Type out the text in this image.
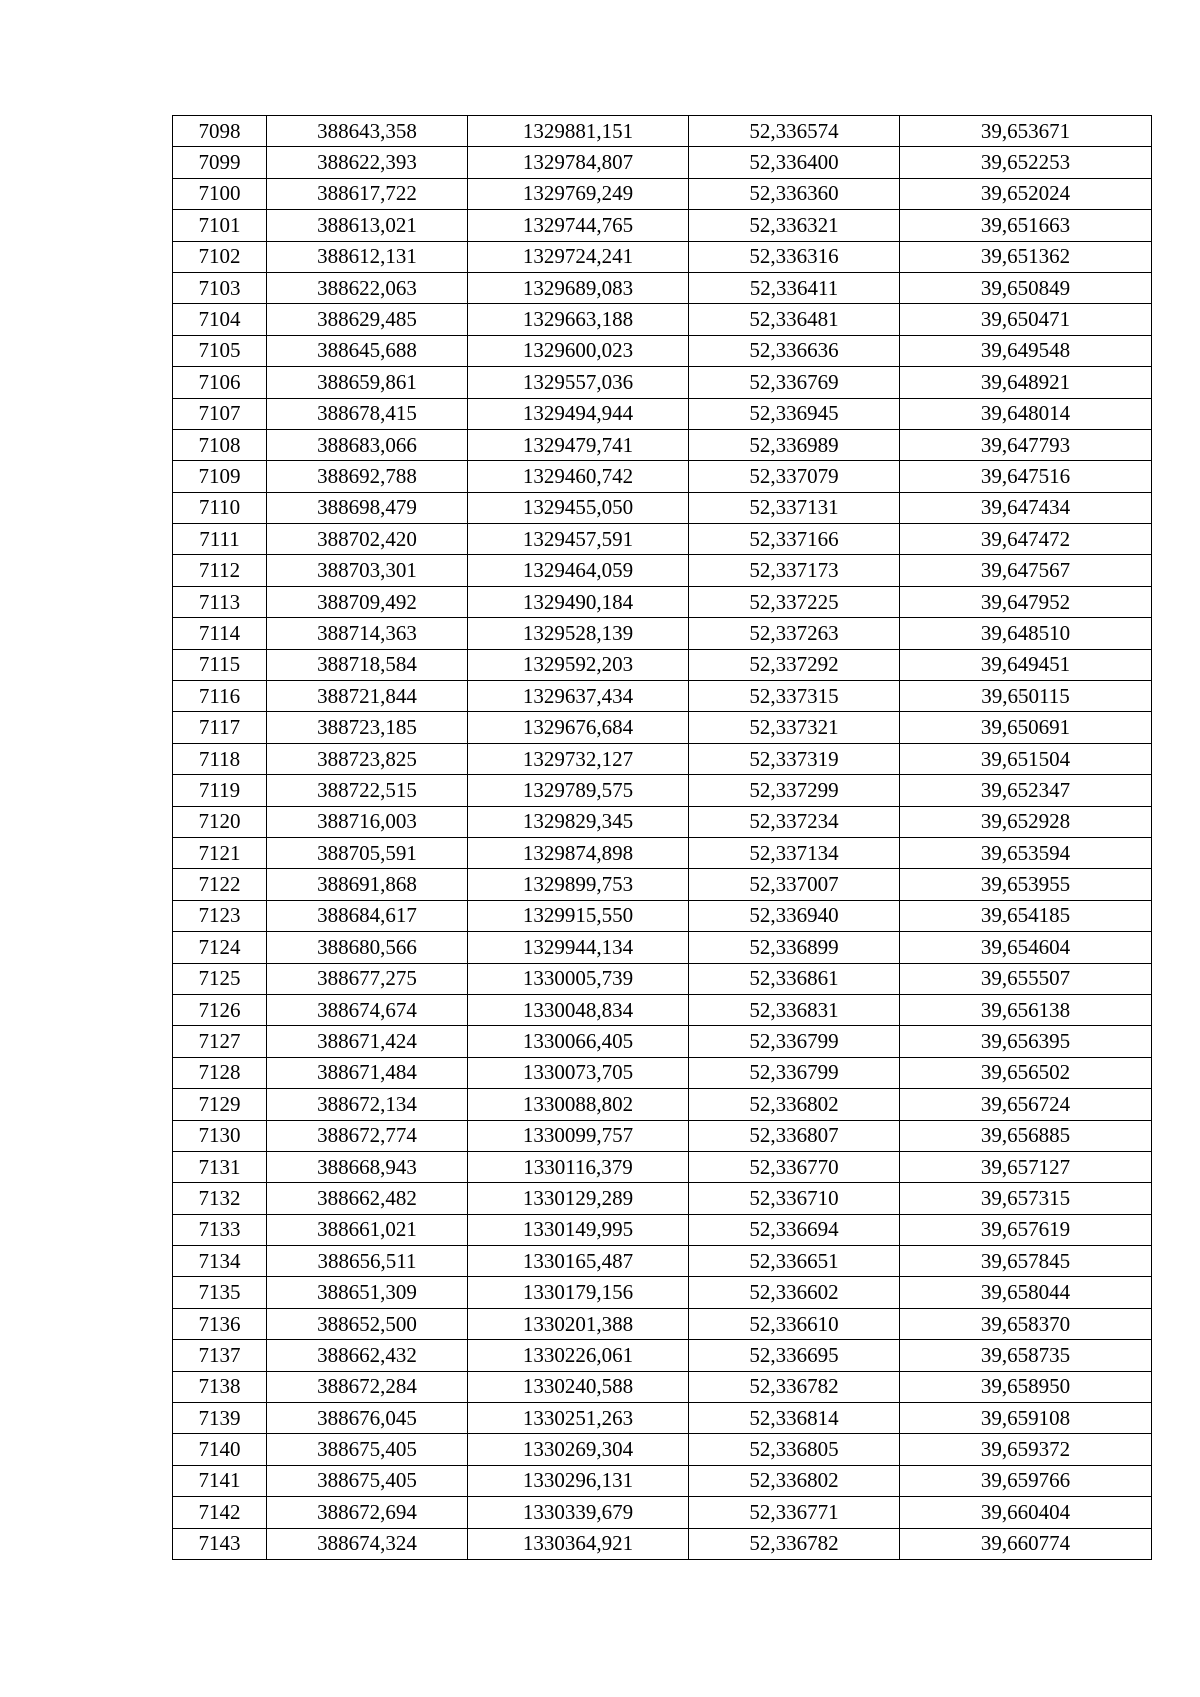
7098	388643,358	1329881,151	52,336574	39,653671
7099	388622,393	1329784,807	52,336400	39,652253
7100	388617,722	1329769,249	52,336360	39,652024
7101	388613,021	1329744,765	52,336321	39,651663
7102	388612,131	1329724,241	52,336316	39,651362
7103	388622,063	1329689,083	52,336411	39,650849
7104	388629,485	1329663,188	52,336481	39,650471
7105	388645,688	1329600,023	52,336636	39,649548
7106	388659,861	1329557,036	52,336769	39,648921
7107	388678,415	1329494,944	52,336945	39,648014
7108	388683,066	1329479,741	52,336989	39,647793
7109	388692,788	1329460,742	52,337079	39,647516
7110	388698,479	1329455,050	52,337131	39,647434
7111	388702,420	1329457,591	52,337166	39,647472
7112	388703,301	1329464,059	52,337173	39,647567
7113	388709,492	1329490,184	52,337225	39,647952
7114	388714,363	1329528,139	52,337263	39,648510
7115	388718,584	1329592,203	52,337292	39,649451
7116	388721,844	1329637,434	52,337315	39,650115
7117	388723,185	1329676,684	52,337321	39,650691
7118	388723,825	1329732,127	52,337319	39,651504
7119	388722,515	1329789,575	52,337299	39,652347
7120	388716,003	1329829,345	52,337234	39,652928
7121	388705,591	1329874,898	52,337134	39,653594
7122	388691,868	1329899,753	52,337007	39,653955
7123	388684,617	1329915,550	52,336940	39,654185
7124	388680,566	1329944,134	52,336899	39,654604
7125	388677,275	1330005,739	52,336861	39,655507
7126	388674,674	1330048,834	52,336831	39,656138
7127	388671,424	1330066,405	52,336799	39,656395
7128	388671,484	1330073,705	52,336799	39,656502
7129	388672,134	1330088,802	52,336802	39,656724
7130	388672,774	1330099,757	52,336807	39,656885
7131	388668,943	1330116,379	52,336770	39,657127
7132	388662,482	1330129,289	52,336710	39,657315
7133	388661,021	1330149,995	52,336694	39,657619
7134	388656,511	1330165,487	52,336651	39,657845
7135	388651,309	1330179,156	52,336602	39,658044
7136	388652,500	1330201,388	52,336610	39,658370
7137	388662,432	1330226,061	52,336695	39,658735
7138	388672,284	1330240,588	52,336782	39,658950
7139	388676,045	1330251,263	52,336814	39,659108
7140	388675,405	1330269,304	52,336805	39,659372
7141	388675,405	1330296,131	52,336802	39,659766
7142	388672,694	1330339,679	52,336771	39,660404
7143	388674,324	1330364,921	52,336782	39,660774
